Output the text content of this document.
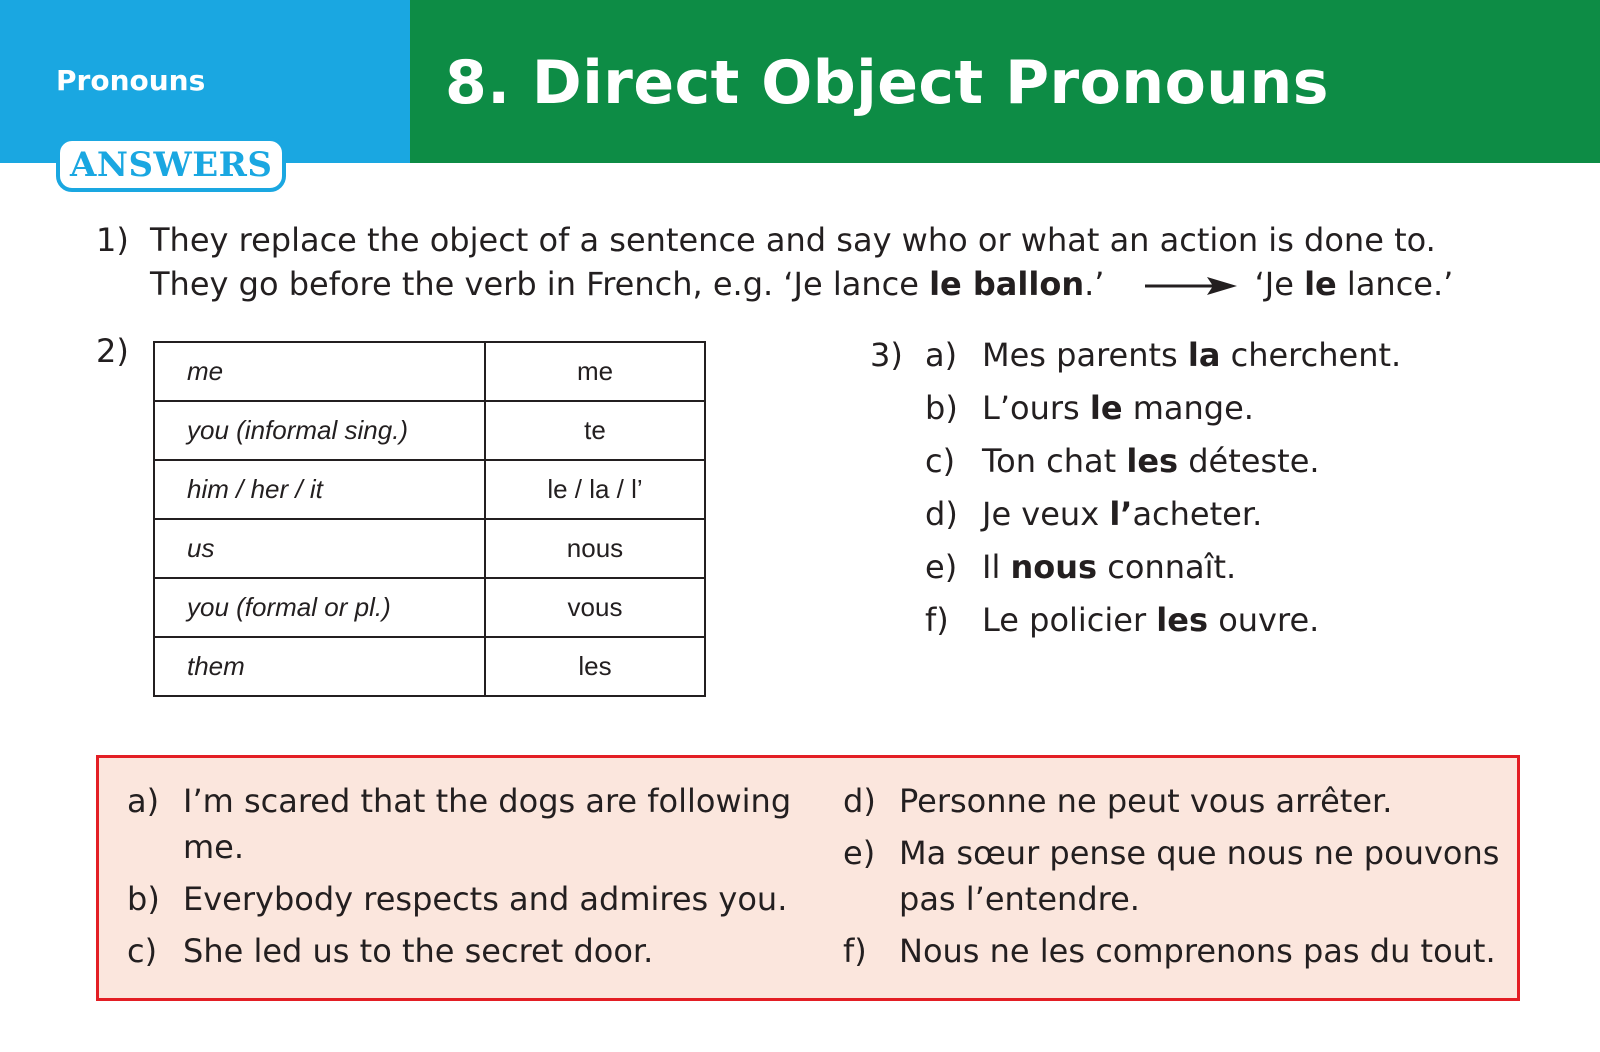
Pronouns	8. Direct Object Pronouns
ANSWERS
1) They replace the object of a sentence and say who or what an action is done to.
They go before the verb in French, e.g. ‘Je lance le ballon.’	‘Je le lance.’
2)
me	me
you (informal sing.)	te
him / her / it	le / la / l’
us	nous
you (formal or pl.)	vous
them	les
3) a) Mes parents la cherchent.
b) L’ours le mange.
c) Ton chat les déteste.
d) Je veux l’acheter.
e) Il nous connaît.
f) Le policier les ouvre.
a) I’m scared that the dogs are following
me.
b) Everybody respects and admires you.
c) She led us to the secret door.
d) Personne ne peut vous arrêter.
e) Ma sœur pense que nous ne pouvons
pas l’entendre.
f) Nous ne les comprenons pas du tout.
